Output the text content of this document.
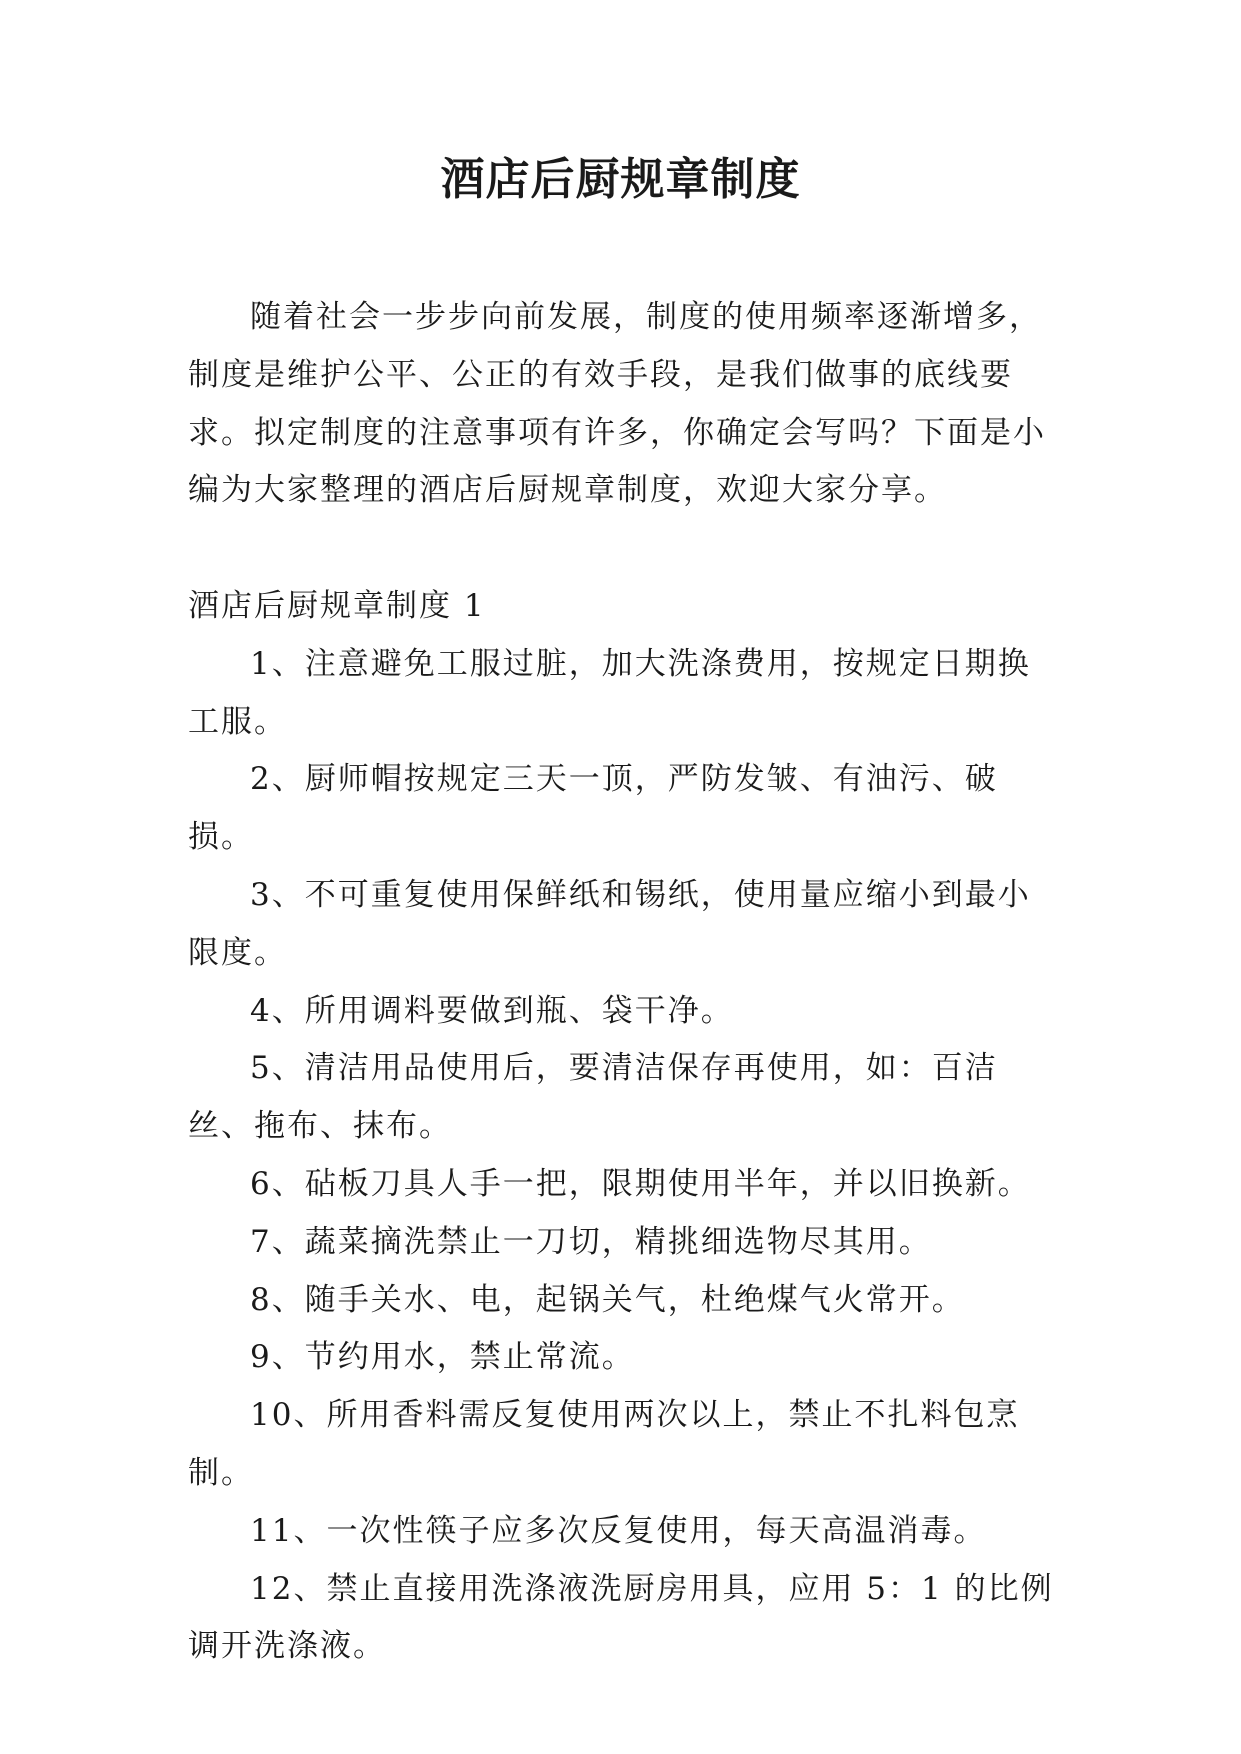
酒店后厨规章制度
随着社会一步步向前发展，制度的使用频率逐渐增多，制度是维护公平、公正的有效手段，是我们做事的底线要求。拟定制度的注意事项有许多，你确定会写吗？下面是小编为大家整理的酒店后厨规章制度，欢迎大家分享。

酒店后厨规章制度 1

1、注意避免工服过脏，加大洗涤费用，按规定日期换工服。

2、厨师帽按规定三天一顶，严防发皱、有油污、破损。

3、不可重复使用保鲜纸和锡纸，使用量应缩小到最小限度。

4、所用调料要做到瓶、袋干净。

5、清洁用品使用后，要清洁保存再使用，如：百洁丝、拖布、抹布。

6、砧板刀具人手一把，限期使用半年，并以旧换新。

7、蔬菜摘洗禁止一刀切，精挑细选物尽其用。

8、随手关水、电，起锅关气，杜绝煤气火常开。

9、节约用水，禁止常流。

10、所用香料需反复使用两次以上，禁止不扎料包烹制。

11、一次性筷子应多次反复使用，每天高温消毒。

12、禁止直接用洗涤液洗厨房用具，应用 5：1 的比例调开洗涤液。
